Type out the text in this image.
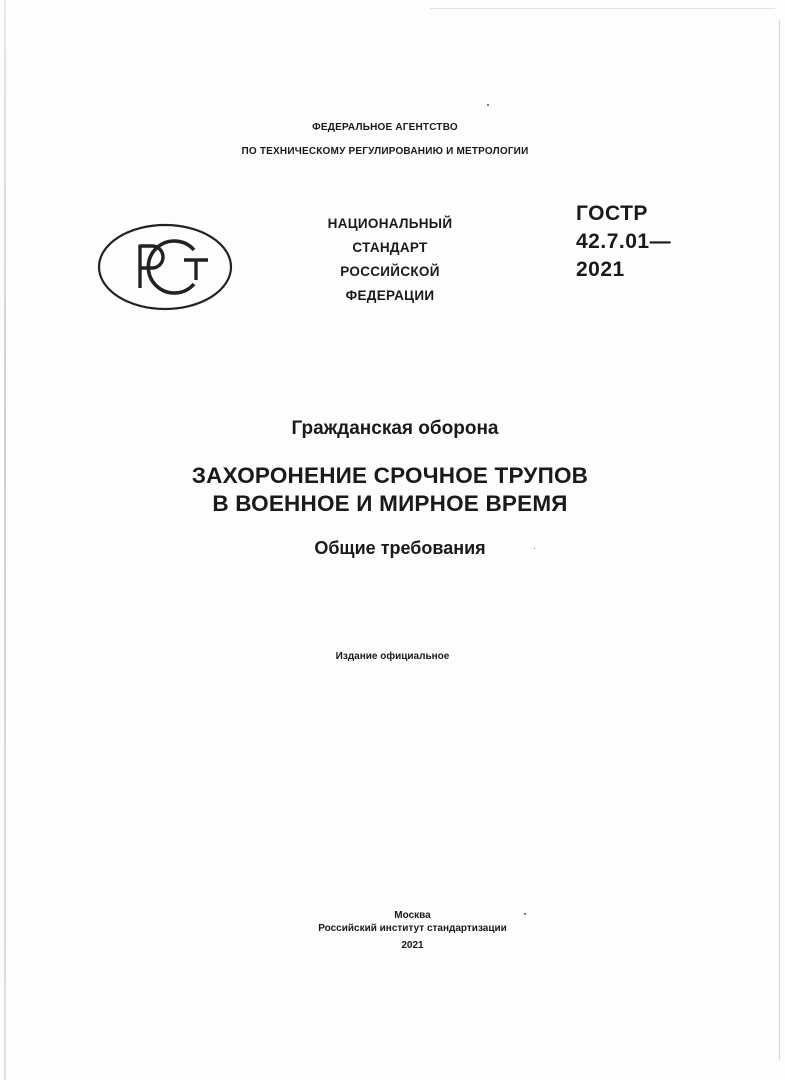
ФЕДЕРАЛЬНОЕ АГЕНТСТВО
ПО ТЕХНИЧЕСКОМУ РЕГУЛИРОВАНИЮ И МЕТРОЛОГИИ
НАЦИОНАЛЬНЫЙ
СТАНДАРТ
РОССИЙСКОЙ
ФЕДЕРАЦИИ
ГОСТР
42.7.01—
2021
Гражданская оборона
ЗАХОРОНЕНИЕ СРОЧНОЕ ТРУПОВ
В ВОЕННОЕ И МИРНОЕ ВРЕМЯ
Общие требования
Издание официальное
Москва
Российский институт стандартизации
2021
